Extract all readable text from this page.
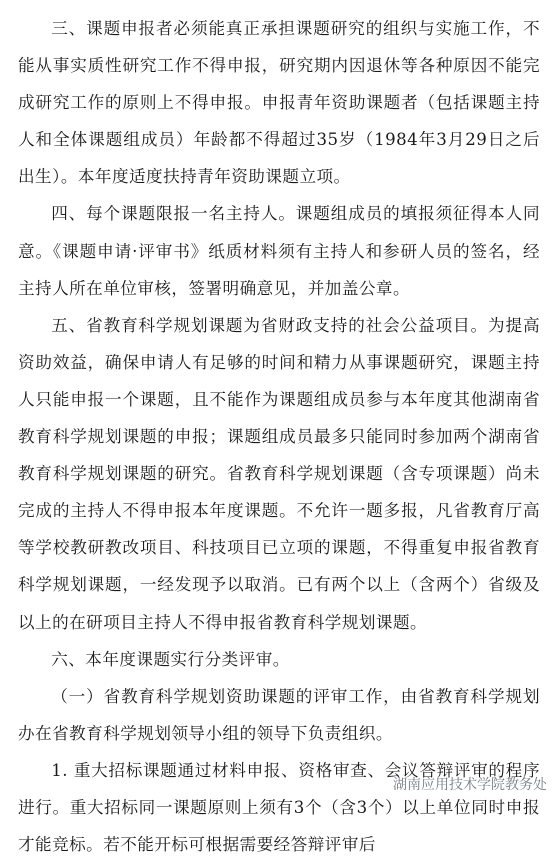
三、课题申报者必须能真正承担课题研究的组织与实施工作，不能从事实质性研究工作不得申报，研究期内因退休等各种原因不能完成研究工作的原则上不得申报。申报青年资助课题者（包括课题主持人和全体课题组成员）年龄都不得超过35岁（1984年3月29日之后出生）。本年度适度扶持青年资助课题立项。

四、每个课题限报一名主持人。课题组成员的填报须征得本人同意。《课题申请·评审书》纸质材料须有主持人和参研人员的签名，经主持人所在单位审核，签署明确意见，并加盖公章。

五、省教育科学规划课题为省财政支持的社会公益项目。为提高资助效益，确保申请人有足够的时间和精力从事课题研究，课题主持人只能申报一个课题，且不能作为课题组成员参与本年度其他湖南省教育科学规划课题的申报；课题组成员最多只能同时参加两个湖南省教育科学规划课题的研究。省教育科学规划课题（含专项课题）尚未完成的主持人不得申报本年度课题。不允许一题多报，凡省教育厅高等学校教研教改项目、科技项目已立项的课题，不得重复申报省教育科学规划课题，一经发现予以取消。已有两个以上（含两个）省级及以上的在研项目主持人不得申报省教育科学规划课题。

六、本年度课题实行分类评审。

（一）省教育科学规划资助课题的评审工作，由省教育科学规划办在省教育科学规划领导小组的领导下负责组织。

1. 重大招标课题通过材料申报、资格审查、会议答辩评审的程序进行。重大招标同一课题原则上须有3个（含3个）以上单位同时申报才能竞标。若不能开标可根据需要经答辩评审后

湖南应用技术学院教务处
